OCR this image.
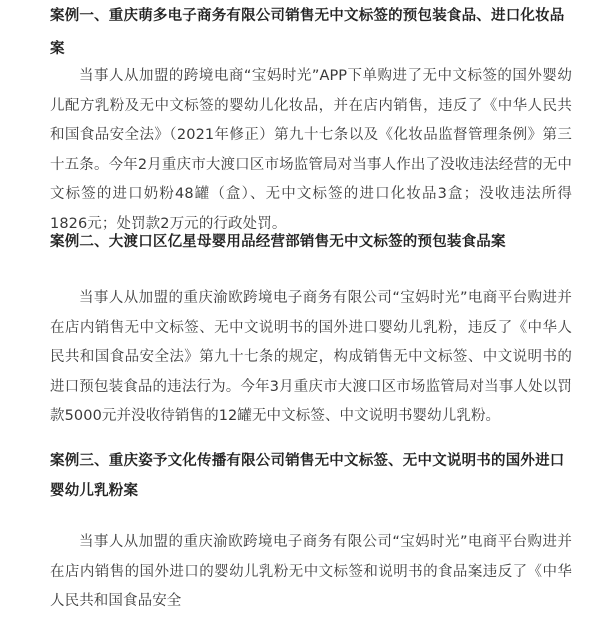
案例一、重庆萌多电子商务有限公司销售无中文标签的预包装食品、进口化妆品案

当事人从加盟的跨境电商“宝妈时光”APP下单购进了无中文标签的国外婴幼儿配方乳粉及无中文标签的婴幼儿化妆品，并在店内销售，违反了《中华人民共和国食品安全法》（2021年修正）第九十七条以及《化妆品监督管理条例》第三十五条。今年2月重庆市大渡口区市场监管局对当事人作出了没收违法经营的无中文标签的进口奶粉48罐（盒）、无中文标签的进口化妆品3盒；没收违法所得1826元；处罚款2万元的行政处罚。

案例二、大渡口区亿星母婴用品经营部销售无中文标签的预包装食品案

当事人从加盟的重庆渝欧跨境电子商务有限公司“宝妈时光”电商平台购进并在店内销售无中文标签、无中文说明书的国外进口婴幼儿乳粉，违反了《中华人民共和国食品安全法》第九十七条的规定，构成销售无中文标签、中文说明书的进口预包装食品的违法行为。今年3月重庆市大渡口区市场监管局对当事人处以罚款5000元并没收待销售的12罐无中文标签、中文说明书婴幼儿乳粉。

案例三、重庆姿予文化传播有限公司销售无中文标签、无中文说明书的国外进口婴幼儿乳粉案

当事人从加盟的重庆渝欧跨境电子商务有限公司“宝妈时光”电商平台购进并在店内销售的国外进口的婴幼儿乳粉无中文标签和说明书的食品案违反了《中华人民共和国食品安全
